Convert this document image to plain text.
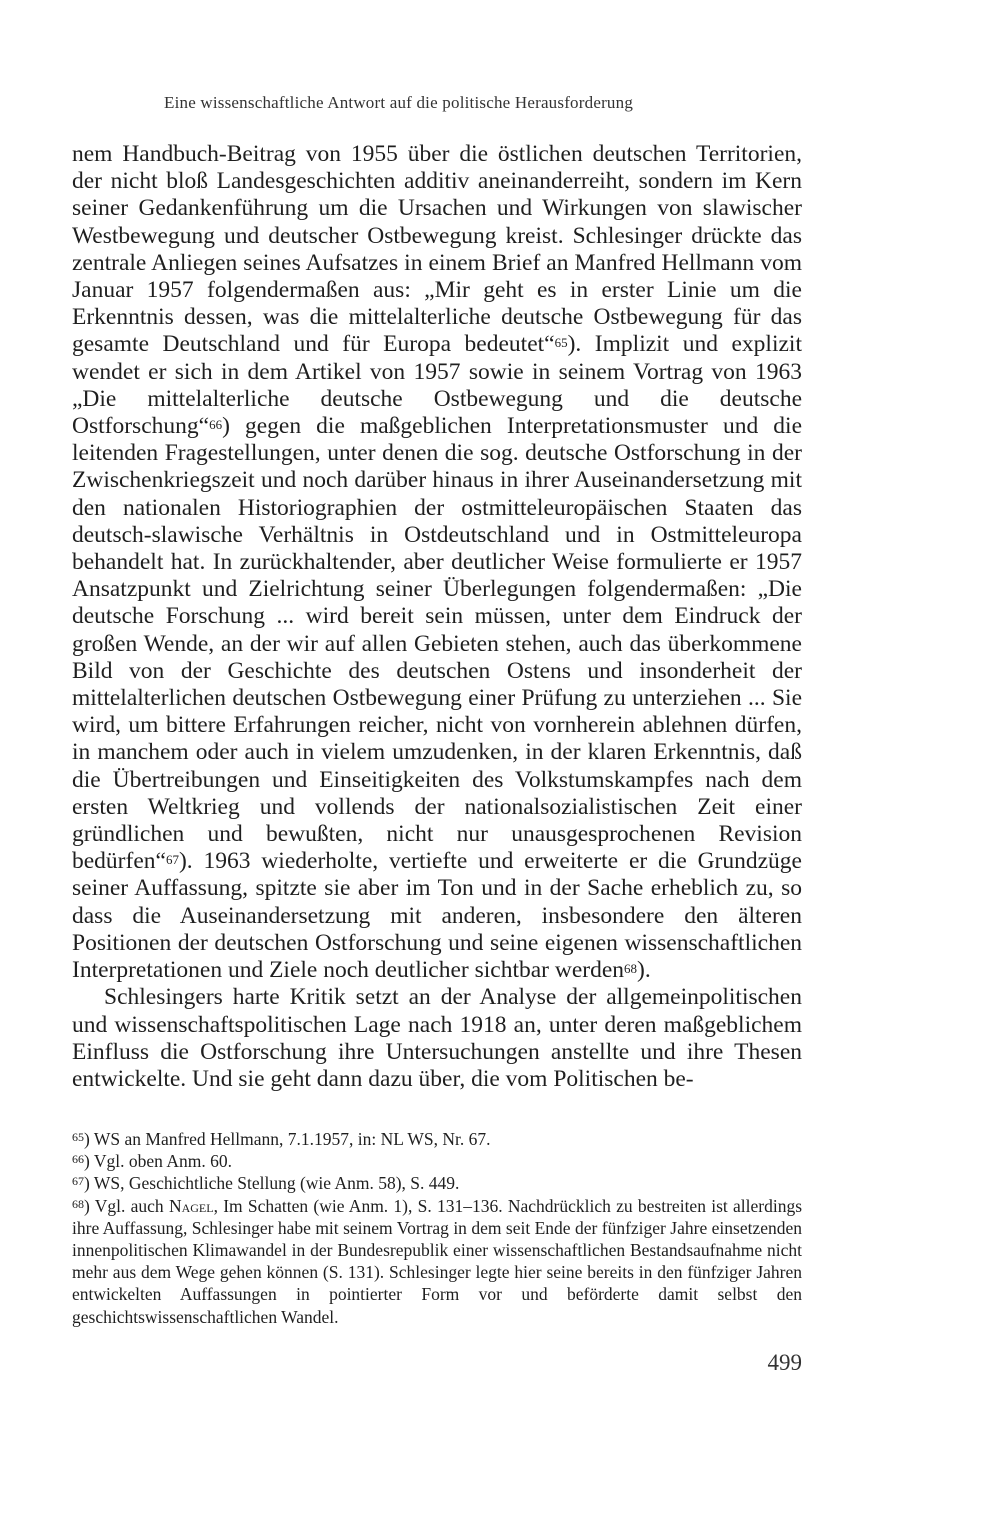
Eine wissenschaftliche Antwort auf die politische Herausforderung

nem Handbuch-Beitrag von 1955 über die östlichen deutschen Territorien, der nicht bloß Landesgeschichten additiv aneinanderreiht, sondern im Kern seiner Gedankenführung um die Ursachen und Wirkungen von slawischer Westbewegung und deutscher Ostbewegung kreist. Schlesinger drückte das zentrale Anliegen seines Aufsatzes in einem Brief an Manfred Hellmann vom Januar 1957 folgendermaßen aus: „Mir geht es in erster Linie um die Erkenntnis dessen, was die mittelalterliche deutsche Ostbewegung für das gesamte Deutschland und für Europa bedeutet“65). Implizit und explizit wendet er sich in dem Artikel von 1957 sowie in seinem Vortrag von 1963 „Die mittelalterliche deutsche Ostbewegung und die deutsche Ostforschung“66) gegen die maßgeblichen Interpretationsmuster und die leitenden Fragestellungen, unter denen die sog. deutsche Ostforschung in der Zwischenkriegszeit und noch darüber hinaus in ihrer Auseinandersetzung mit den nationalen Historiographien der ostmitteleuropäischen Staaten das deutsch-slawische Verhältnis in Ostdeutschland und in Ostmitteleuropa behandelt hat. In zurückhaltender, aber deutlicher Weise formulierte er 1957 Ansatzpunkt und Zielrichtung seiner Überlegungen folgendermaßen: „Die deutsche Forschung ... wird bereit sein müssen, unter dem Eindruck der großen Wende, an der wir auf allen Gebieten stehen, auch das überkommene Bild von der Geschichte des deutschen Ostens und insonderheit der mittelalterlichen deutschen Ostbewegung einer Prüfung zu unterziehen ... Sie wird, um bittere Erfahrungen reicher, nicht von vornherein ablehnen dürfen, in manchem oder auch in vielem umzudenken, in der klaren Erkenntnis, daß die Übertreibungen und Einseitigkeiten des Volkstumskampfes nach dem ersten Weltkrieg und vollends der nationalsozialistischen Zeit einer gründlichen und bewußten, nicht nur unausgesprochenen Revision bedürfen“67). 1963 wiederholte, vertiefte und erweiterte er die Grundzüge seiner Auffassung, spitzte sie aber im Ton und in der Sache erheblich zu, so dass die Auseinandersetzung mit anderen, insbesondere den älteren Positionen der deutschen Ostforschung und seine eigenen wissenschaftlichen Interpretationen und Ziele noch deutlicher sichtbar werden68).

Schlesingers harte Kritik setzt an der Analyse der allgemeinpolitischen und wissenschaftspolitischen Lage nach 1918 an, unter deren maßgeblichem Einfluss die Ostforschung ihre Untersuchungen anstellte und ihre Thesen entwickelte. Und sie geht dann dazu über, die vom Politischen be-

$^{65}$) WS an Manfred Hellmann, 7.1.1957, in: NL WS, Nr. 67.

$^{66}$) Vgl. oben Anm. 60.

$^{67}$) WS, Geschichtliche Stellung (wie Anm. 58), S. 449.

$^{68}$) Vgl. auch Nagel, Im Schatten (wie Anm. 1), S. 131–136. Nachdrücklich zu bestreiten ist allerdings ihre Auffassung, Schlesinger habe mit seinem Vortrag in dem seit Ende der fünfziger Jahre einsetzenden innenpolitischen Klimawandel in der Bundesrepublik einer wissenschaftlichen Bestandsaufnahme nicht mehr aus dem Wege gehen können (S. 131). Schlesinger legte hier seine bereits in den fünfziger Jahren entwickelten Auffassungen in pointierter Form vor und beförderte damit selbst den geschichtswissenschaftlichen Wandel.

499
